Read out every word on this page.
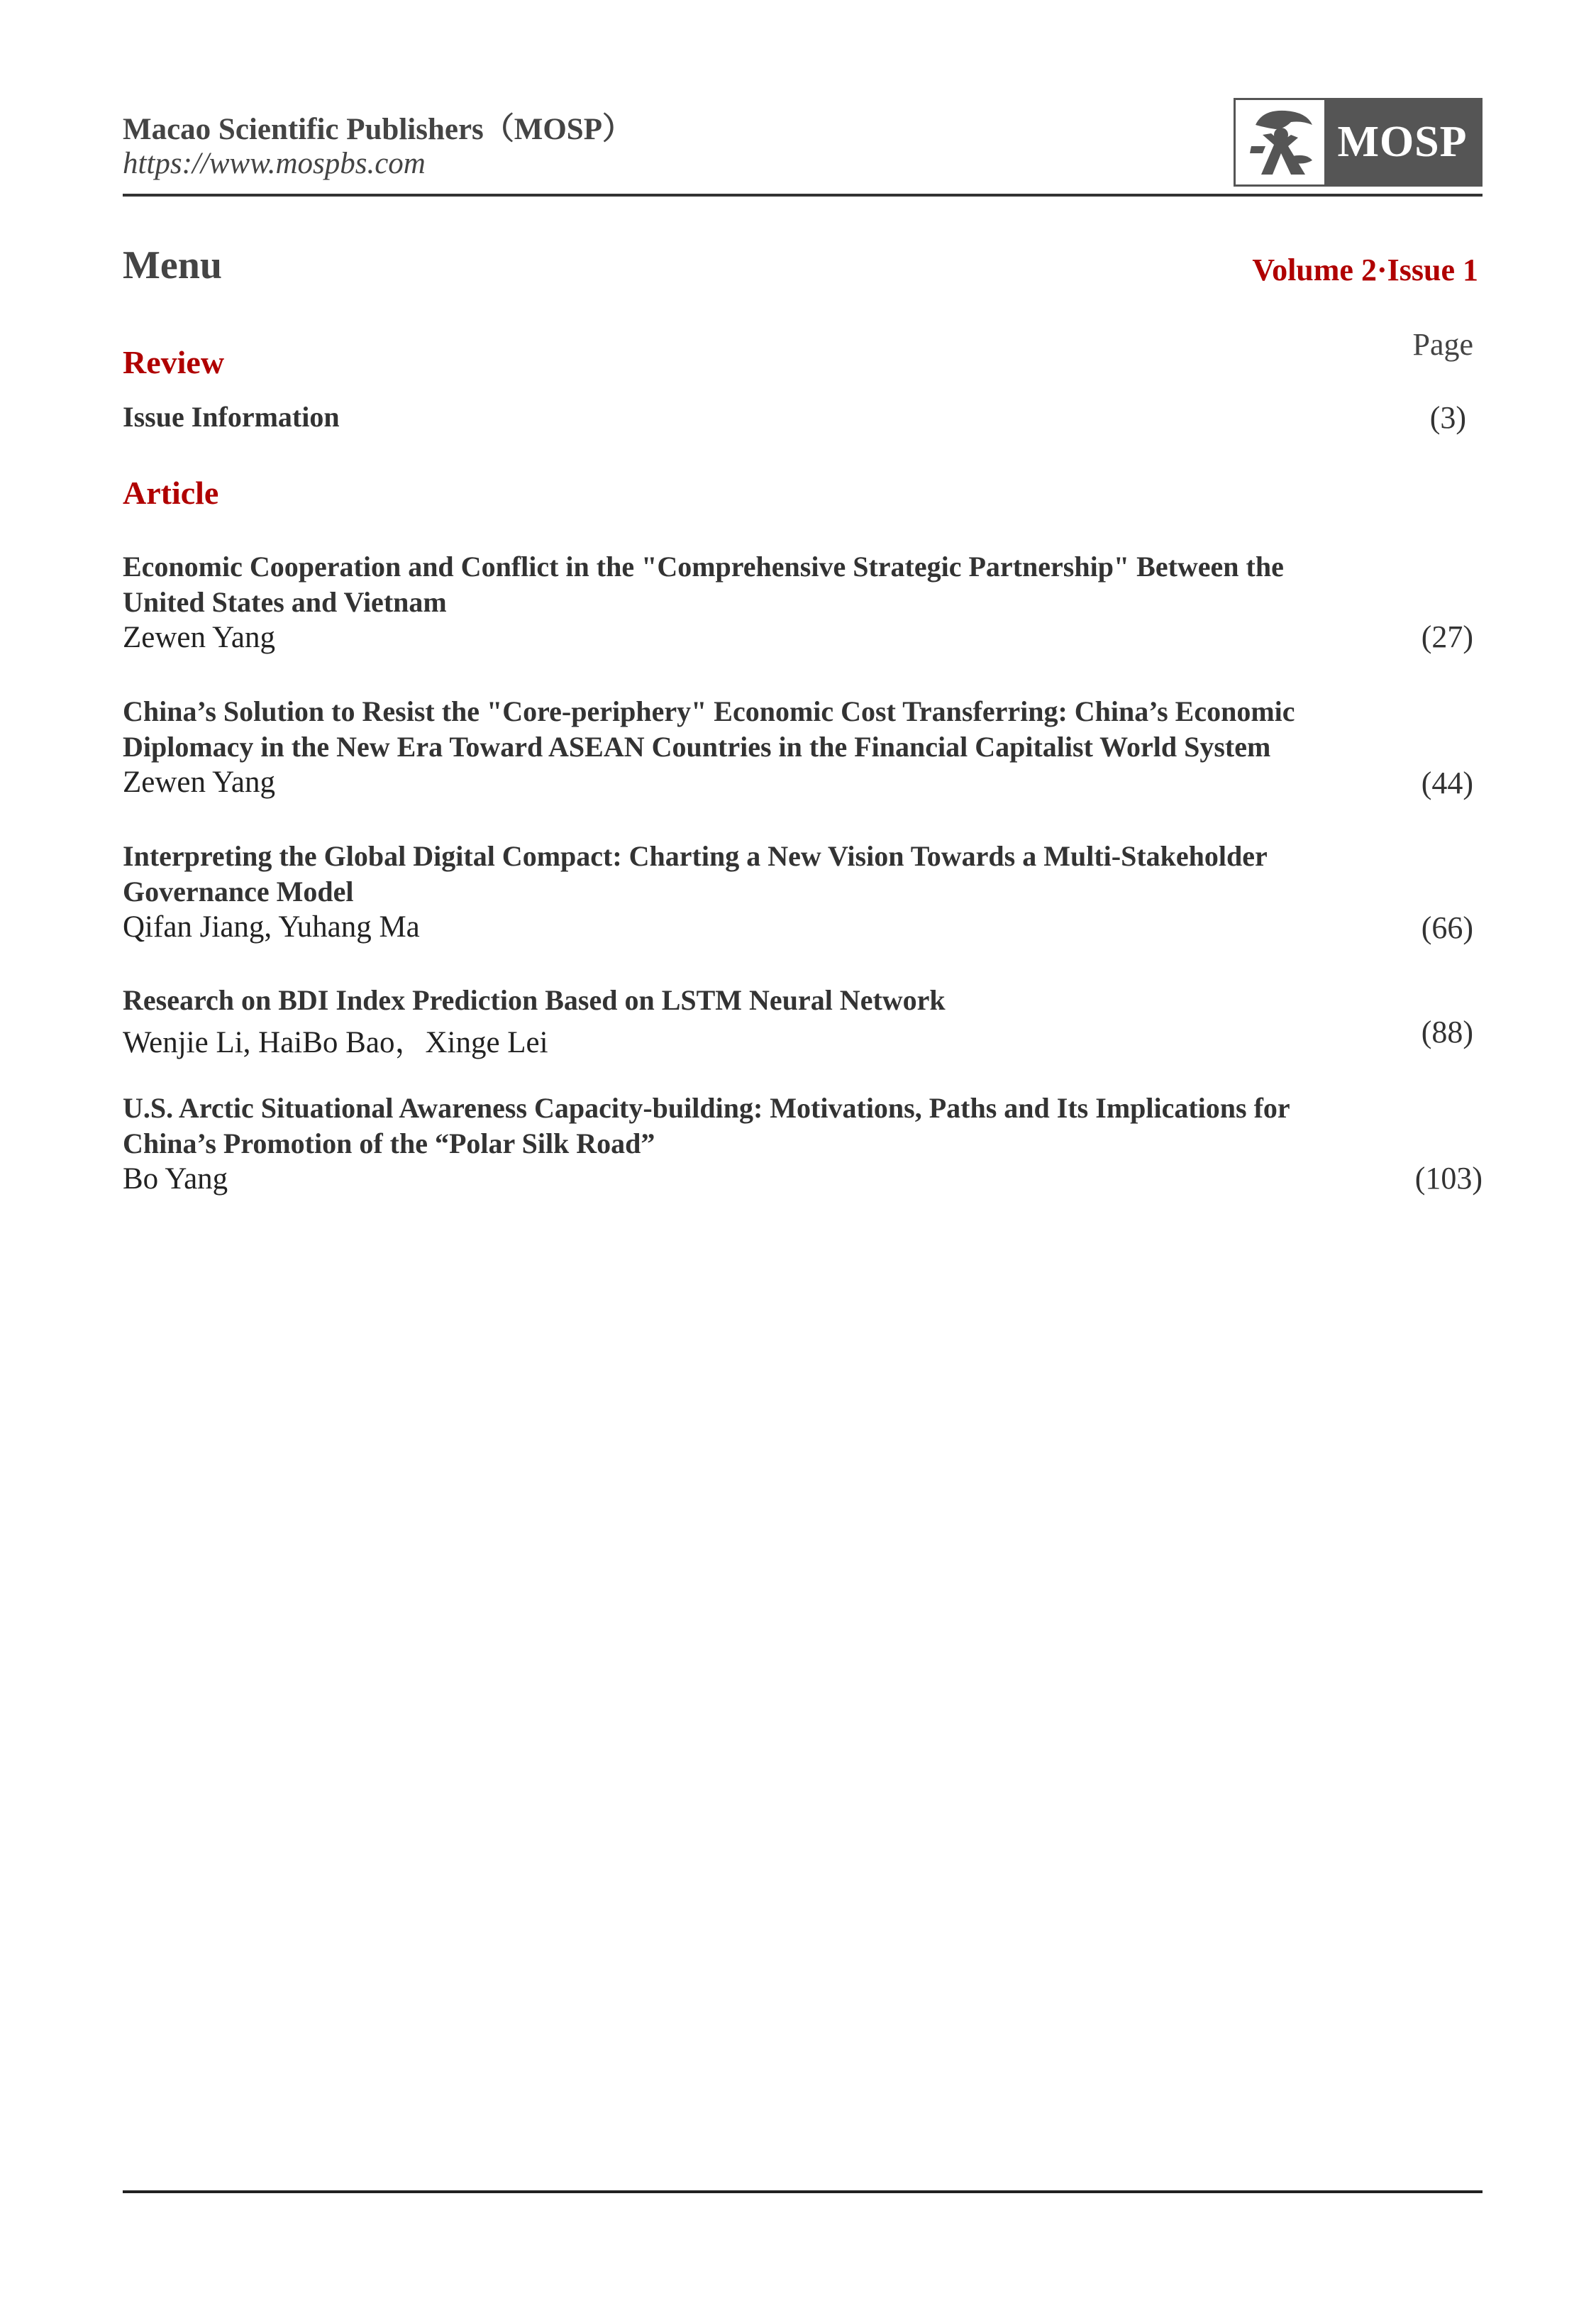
Macao Scientific Publishers（MOSP）
https://www.mospbs.com	MOSP
Menu	Volume 2·Issue 1
Review	Page
Issue Information	(3)
Article
Economic Cooperation and Conflict in the "Comprehensive Strategic Partnership" Between the United States and Vietnam
Zewen Yang	(27)
China’s Solution to Resist the "Core-periphery" Economic Cost Transferring: China’s Economic Diplomacy in the New Era Toward ASEAN Countries in the Financial Capitalist World System
Zewen Yang	(44)
Interpreting the Global Digital Compact: Charting a New Vision Towards a Multi-Stakeholder Governance Model
Qifan Jiang, Yuhang Ma	(66)
Research on BDI Index Prediction Based on LSTM Neural Network
Wenjie Li, HaiBo Bao，Xinge Lei	(88)
U.S. Arctic Situational Awareness Capacity-building: Motivations, Paths and Its Implications for China’s Promotion of the “Polar Silk Road”
Bo Yang	(103)
